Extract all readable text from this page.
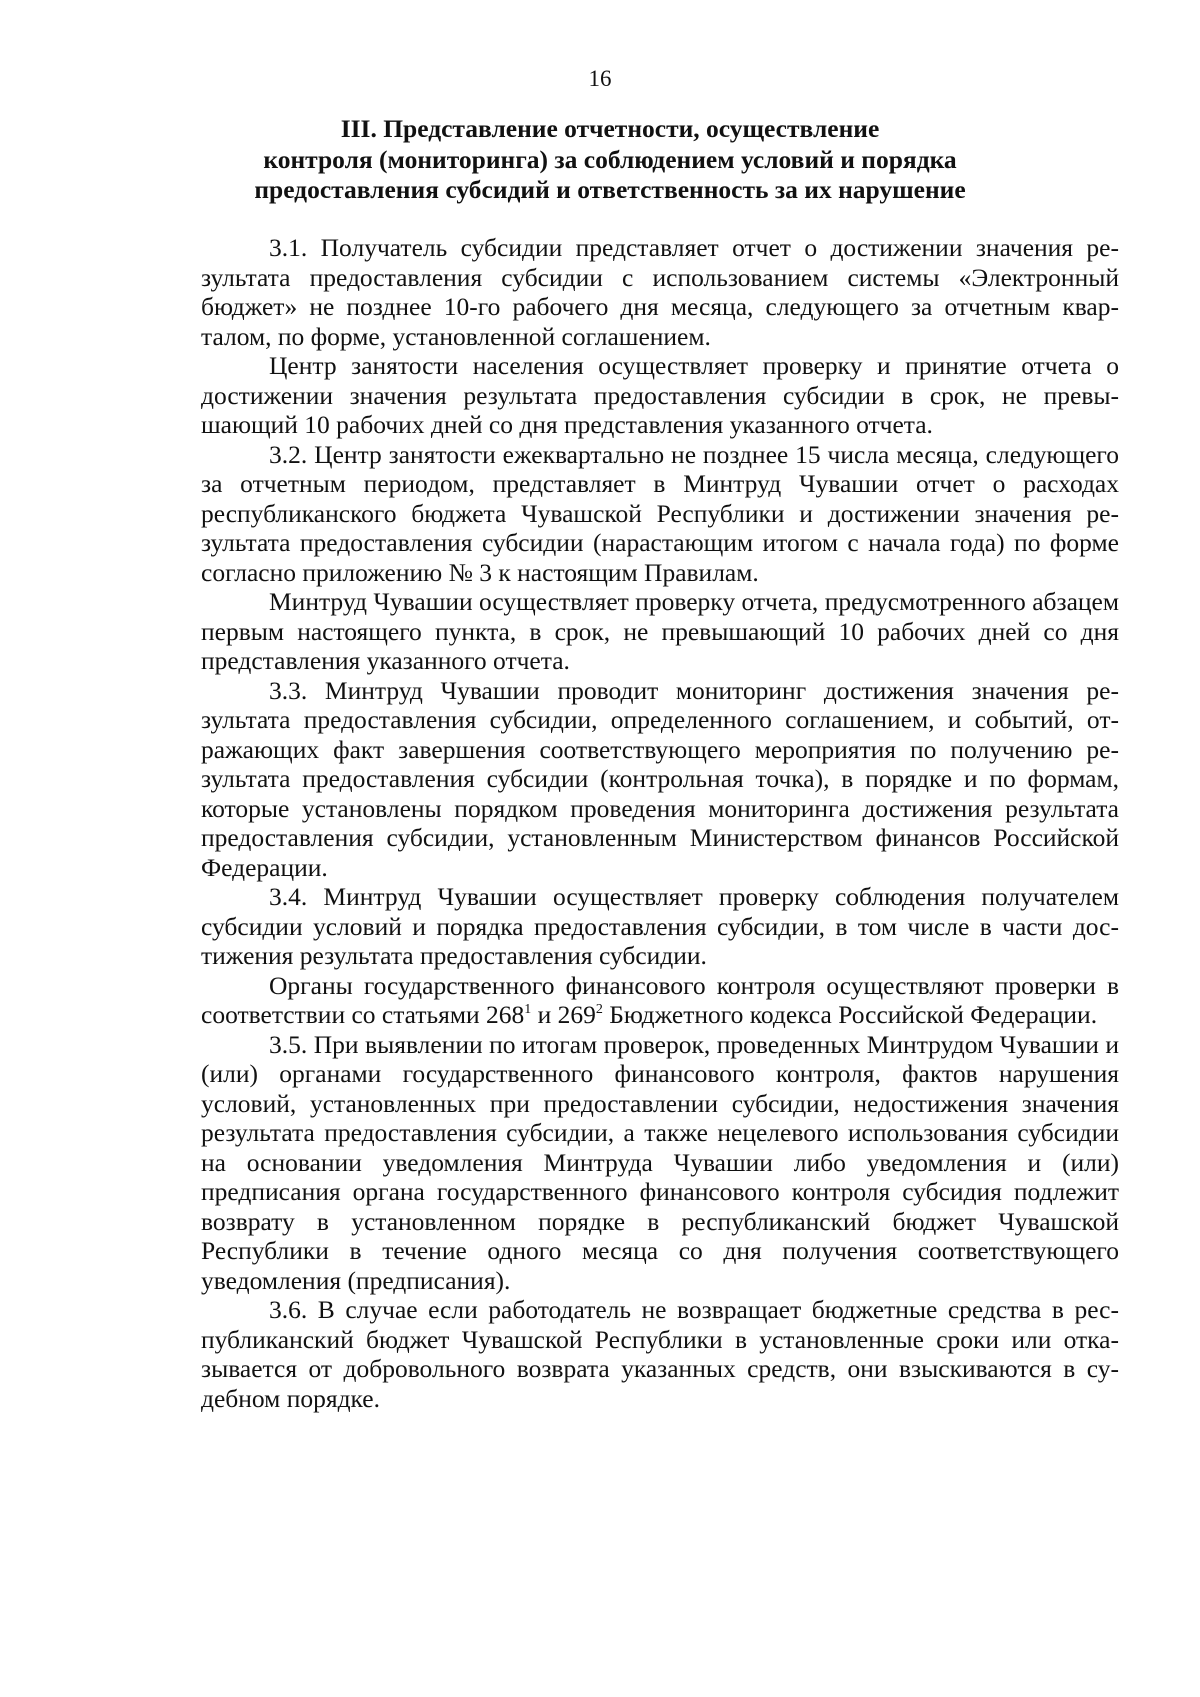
16
III. Представление отчетности, осуществление
контроля (мониторинга) за соблюдением условий и порядка
предоставления субсидий и ответственность за их нарушение

3.1. Получатель субсидии представляет отчет о достижении значения результата предоставления субсидии с использованием системы «Электронный бюджет» не позднее 10-го рабочего дня месяца, следующего за отчетным кварталом, по форме, установленной соглашением.

Центр занятости населения осуществляет проверку и принятие отчета о достижении значения результата предоставления субсидии в срок, не превышающий 10 рабочих дней со дня представления указанного отчета.

3.2. Центр занятости ежеквартально не позднее 15 числа месяца, следующего за отчетным периодом, представляет в Минтруд Чувашии отчет о расходах республиканского бюджета Чувашской Республики и достижении значения результата предоставления субсидии (нарастающим итогом с начала года) по форме согласно приложению № 3 к настоящим Правилам.

Минтруд Чувашии осуществляет проверку отчета, предусмотренного абзацем первым настоящего пункта, в срок, не превышающий 10 рабочих дней со дня представления указанного отчета.

3.3. Минтруд Чувашии проводит мониторинг достижения значения результата предоставления субсидии, определенного соглашением, и событий, отражающих факт завершения соответствующего мероприятия по получению результата предоставления субсидии (контрольная точка), в порядке и по формам, которые установлены порядком проведения мониторинга достижения результата предоставления субсидии, установленным Министерством финансов Российской Федерации.

3.4. Минтруд Чувашии осуществляет проверку соблюдения получателем субсидии условий и порядка предоставления субсидии, в том числе в части достижения результата предоставления субсидии.

Органы государственного финансового контроля осуществляют проверки в соответствии со статьями $268^1$ и $269^2$ Бюджетного кодекса Российской Федерации.

3.5. При выявлении по итогам проверок, проведенных Минтрудом Чувашии и (или) органами государственного финансового контроля, фактов нарушения условий, установленных при предоставлении субсидии, недостижения значения результата предоставления субсидии, а также нецелевого использования субсидии на основании уведомления Минтруда Чувашии либо уведомления и (или) предписания органа государственного финансового контроля субсидия подлежит возврату в установленном порядке в республиканский бюджет Чувашской Республики в течение одного месяца со дня получения соответствующего уведомления (предписания).

3.6. В случае если работодатель не возвращает бюджетные средства в республиканский бюджет Чувашской Республики в установленные сроки или отказывается от добровольного возврата указанных средств, они взыскиваются в судебном порядке.
